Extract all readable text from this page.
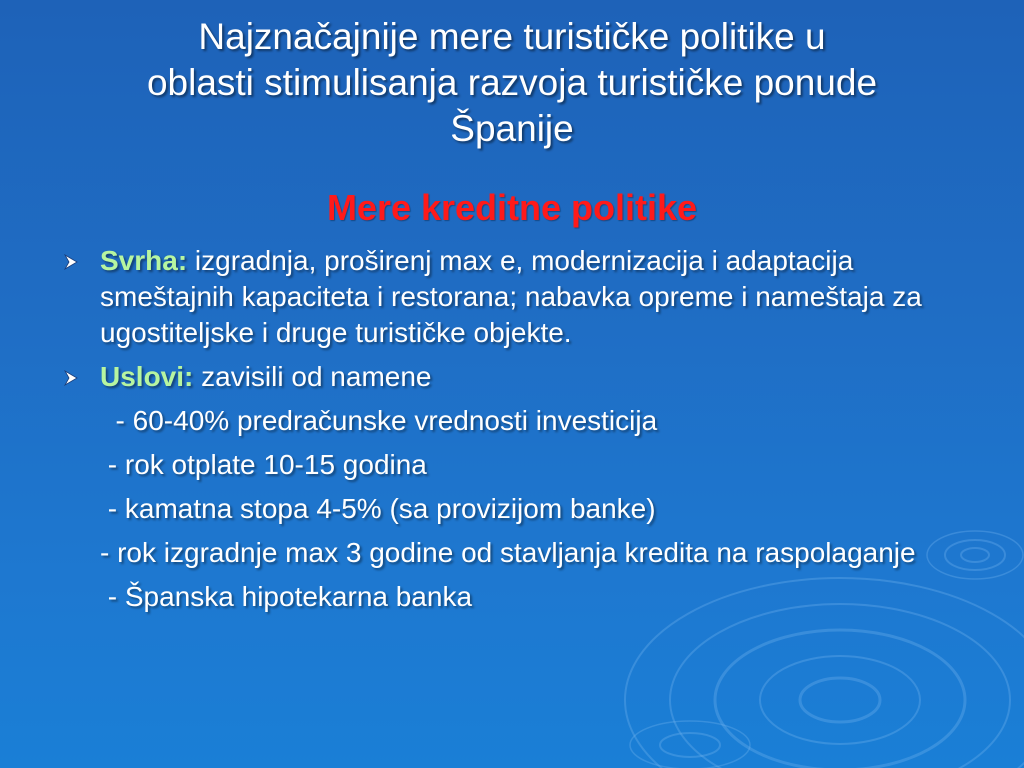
Najznačajnije mere turističke politike u
oblasti stimulisanja razvoja turističke ponude
Španije
Mere kreditne politike
Svrha: izgradnja, proširenj max e, modernizacija i adaptacija smeštajnih kapaciteta i restorana; nabavka opreme i nameštaja za ugostiteljske i druge turističke objekte.
Uslovi: zavisili od namene
- 60-40% predračunske vrednosti investicija
- rok otplate 10-15 godina
- kamatna stopa 4-5% (sa provizijom banke)
- rok izgradnje max 3 godine od stavljanja kredita na raspolaganje
- Španska hipotekarna banka
